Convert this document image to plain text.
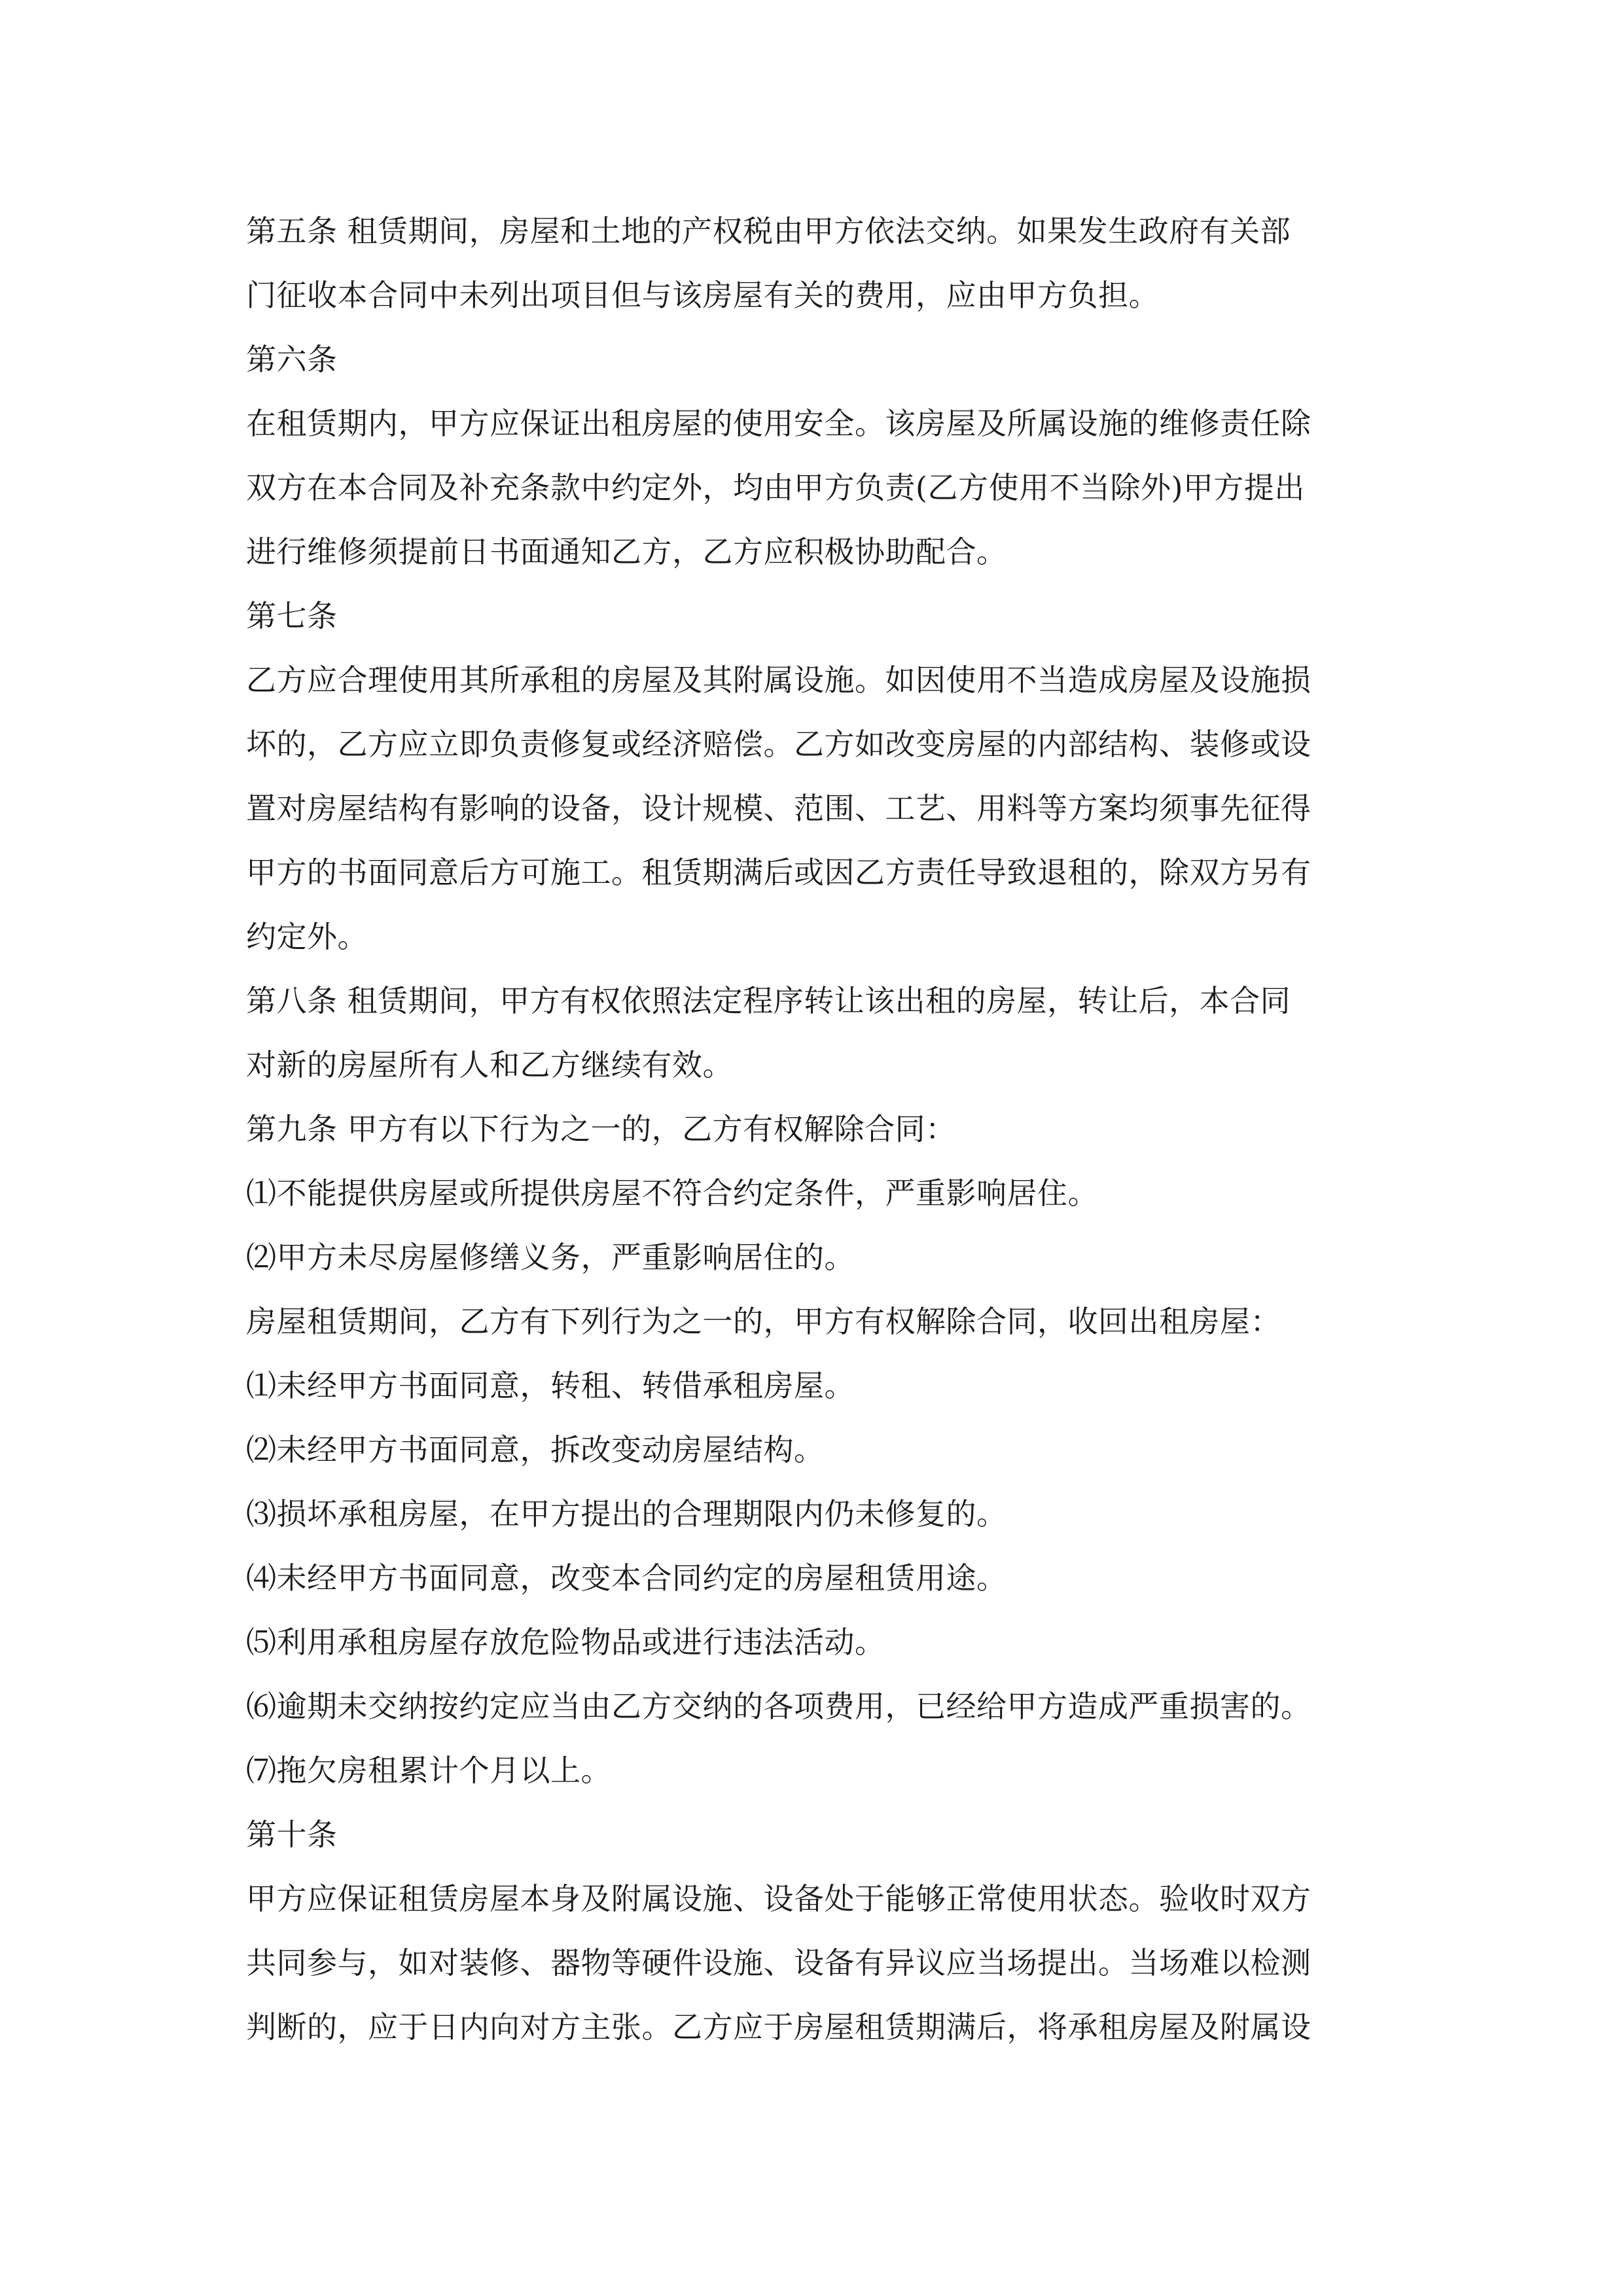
第五条 租赁期间，房屋和土地的产权税由甲方依法交纳。如果发生政府有关部
门征收本合同中未列出项目但与该房屋有关的费用，应由甲方负担。
第六条
在租赁期内，甲方应保证出租房屋的使用安全。该房屋及所属设施的维修责任除
双方在本合同及补充条款中约定外，均由甲方负责(乙方使用不当除外)甲方提出
进行维修须提前日书面通知乙方，乙方应积极协助配合。
第七条
乙方应合理使用其所承租的房屋及其附属设施。如因使用不当造成房屋及设施损
坏的，乙方应立即负责修复或经济赔偿。乙方如改变房屋的内部结构、装修或设
置对房屋结构有影响的设备，设计规模、范围、工艺、用料等方案均须事先征得
甲方的书面同意后方可施工。租赁期满后或因乙方责任导致退租的，除双方另有
约定外。
第八条 租赁期间，甲方有权依照法定程序转让该出租的房屋，转让后，本合同
对新的房屋所有人和乙方继续有效。
第九条 甲方有以下行为之一的，乙方有权解除合同：
⑴不能提供房屋或所提供房屋不符合约定条件，严重影响居住。
⑵甲方未尽房屋修缮义务，严重影响居住的。
房屋租赁期间，乙方有下列行为之一的，甲方有权解除合同，收回出租房屋：
⑴未经甲方书面同意，转租、转借承租房屋。
⑵未经甲方书面同意，拆改变动房屋结构。
⑶损坏承租房屋，在甲方提出的合理期限内仍未修复的。
⑷未经甲方书面同意，改变本合同约定的房屋租赁用途。
⑸利用承租房屋存放危险物品或进行违法活动。
⑹逾期未交纳按约定应当由乙方交纳的各项费用，已经给甲方造成严重损害的。
⑺拖欠房租累计个月以上。
第十条
甲方应保证租赁房屋本身及附属设施、设备处于能够正常使用状态。验收时双方
共同参与，如对装修、器物等硬件设施、设备有异议应当场提出。当场难以检测
判断的，应于日内向对方主张。乙方应于房屋租赁期满后，将承租房屋及附属设
